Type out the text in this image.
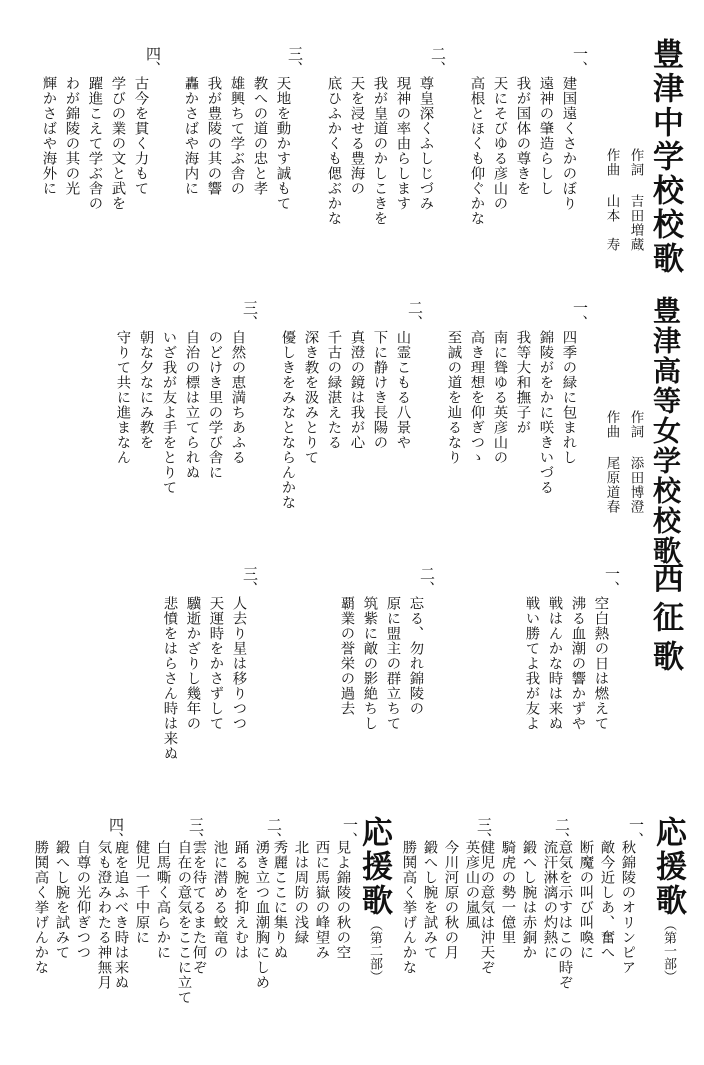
豊津中学校校歌
作詞 吉田増蔵
作曲 山本　寿
一、
建国遠くさかのぼり
遠神の肇造らしし
我が国体の尊きを
天にそびゆる彦山の
高根とほくも仰ぐかな
二、
尊皇深くふしじづみ
現神の率由らします
我が皇道のかしこきを
天を浸せる豊海の
底ひふかくも偲ぶかな
三、
天地を動かす誠もて
教への道の忠と孝
雄興ちて学ぶ舎の
我が豊陵の其の響
轟かさばや海内に
四、
古今を貫く力もて
学びの業の文と武を
躍進こえて学ぶ舎の
わが錦陵の其の光
輝かさばや海外に
豊津高等女学校校歌
作詞 添田博澄
作曲 尾原道春
一、
四季の緑に包まれし
錦陵がをかに咲きいづる
我等大和撫子が
南に聳ゆる英彦山の
高き理想を仰ぎつゝ
至誠の道を辿るなり
二、
山霊こもる八景や
下に静けき長陽の
真澄の鏡は我が心
千古の緑湛えたる
深き教を汲みとりて
優しきをみなとならんかな
三、
自然の恵満ちあふる
のどけき里の学び舎に
自治の標は立てられぬ
いざ我が友よ手をとりて
朝な夕なにみ教を
守りて共に進まなん
西征歌
一、
空白熱の日は燃えて
沸る血潮の響かずや
戦はんかな時は来ぬ
戦い勝てよ我が友よ
二、
忘る、勿れ錦陵の
原に盟主の群立ちて
筑紫に敵の影絶ちし
覇業の誉栄の過去
三、
人去り星は移りつつ
天運時をかさずして
驥逝かざりし幾年の
悲憤をはらさん時は来ぬ
応援歌（第一部）
一、
秋錦陵のオリンピア
敵今近しあ、奮へ
断魔の叫び叫喚に
意気を示すはこの時ぞ
二、
流汗淋漓の灼熱に
鍛へし腕は赤銅か
騎虎の勢一億里
健児の意気は沖天ぞ
三、
英彦山の嵐風
今川河原の秋の月
鍛へし腕を試みて
勝鬨高く挙げんかな
応援歌（第二部）
一、
見よ錦陵の秋の空
西に馬嶽の峰望み
北は周防の浅緑
秀麗ここに集りぬ
二、
湧き立つ血潮胸にしめ
踊る腕を抑えむは
池に潜める蛟竜の
雲を待てるまた何ぞ
三、
自在の意気をここに立て
白馬嘶く高らかに
健児一千中原に
鹿を追ふべき時は来ぬ
四、
気も澄みわたる神無月
自尊の光仰ぎつつ
鍛へし腕を試みて
勝鬨高く挙げんかな
